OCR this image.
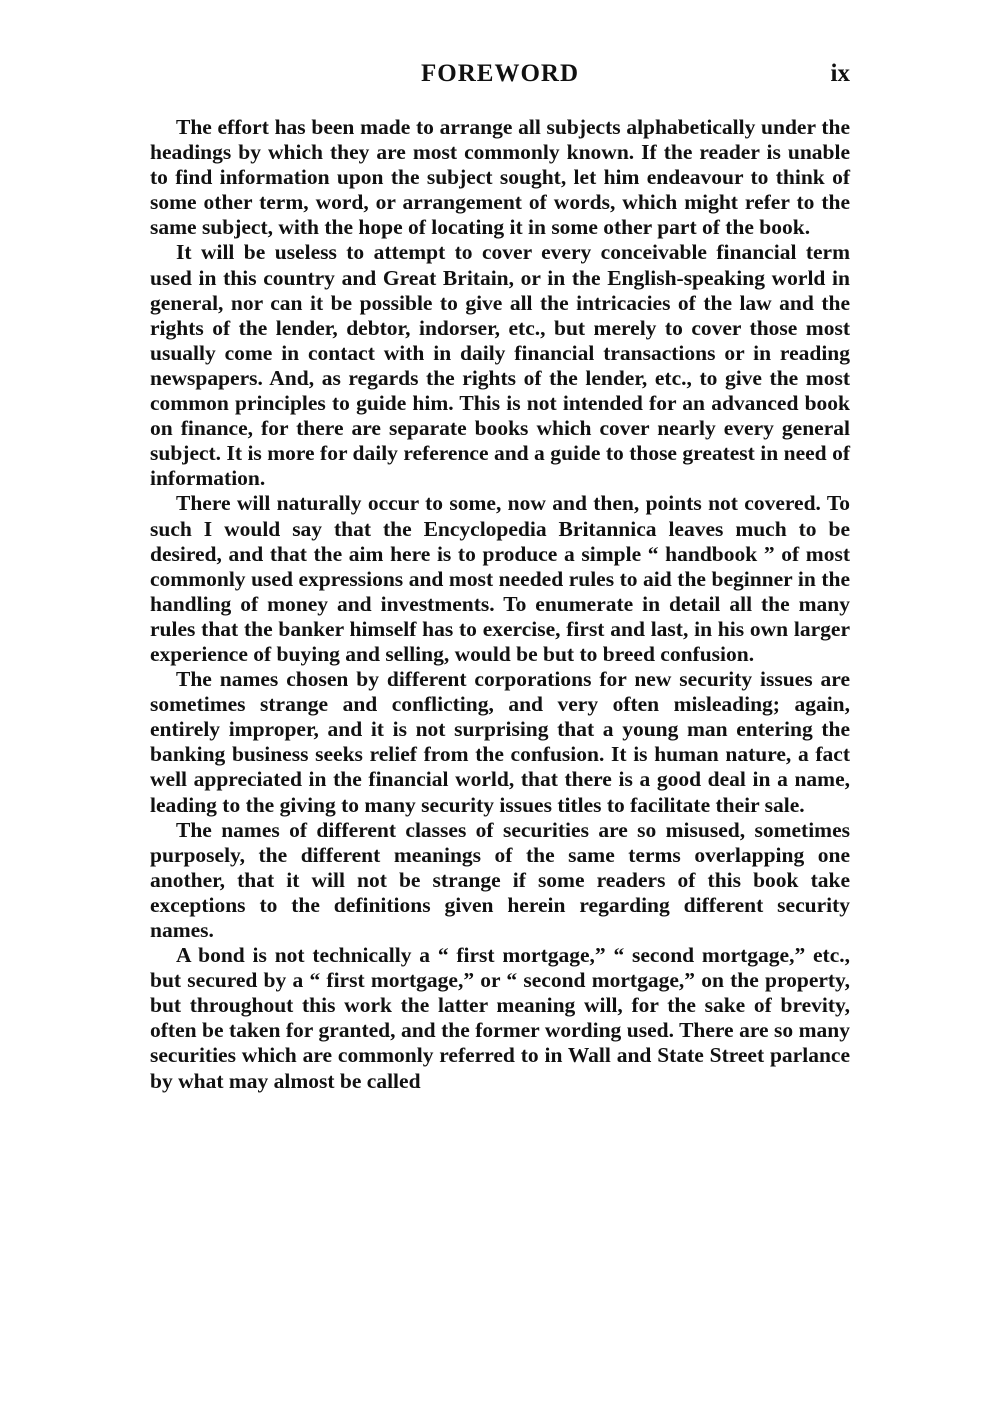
FOREWORD	ix

The effort has been made to arrange all subjects alphabetically under the headings by which they are most commonly known. If the reader is unable to find information upon the subject sought, let him endeavour to think of some other term, word, or arrangement of words, which might refer to the same subject, with the hope of locating it in some other part of the book.

It will be useless to attempt to cover every conceivable financial term used in this country and Great Britain, or in the English-speaking world in general, nor can it be possible to give all the intricacies of the law and the rights of the lender, debtor, indorser, etc., but merely to cover those most usually come in contact with in daily financial transactions or in reading newspapers. And, as regards the rights of the lender, etc., to give the most common principles to guide him. This is not intended for an advanced book on finance, for there are separate books which cover nearly every general subject. It is more for daily reference and a guide to those greatest in need of information.

There will naturally occur to some, now and then, points not covered. To such I would say that the Encyclopedia Britannica leaves much to be desired, and that the aim here is to produce a simple “ handbook ” of most commonly used expressions and most needed rules to aid the beginner in the handling of money and investments. To enumerate in detail all the many rules that the banker himself has to exercise, first and last, in his own larger experience of buying and selling, would be but to breed confusion.

The names chosen by different corporations for new security issues are sometimes strange and conflicting, and very often misleading; again, entirely improper, and it is not surprising that a young man entering the banking business seeks relief from the confusion. It is human nature, a fact well appreciated in the financial world, that there is a good deal in a name, leading to the giving to many security issues titles to facilitate their sale.

The names of different classes of securities are so misused, sometimes purposely, the different meanings of the same terms overlapping one another, that it will not be strange if some readers of this book take exceptions to the definitions given herein regarding different security names.

A bond is not technically a “ first mortgage,” “ second mortgage,” etc., but secured by a “ first mortgage,” or “ second mortgage,” on the property, but throughout this work the latter meaning will, for the sake of brevity, often be taken for granted, and the former wording used. There are so many securities which are commonly referred to in Wall and State Street parlance by what may almost be called
